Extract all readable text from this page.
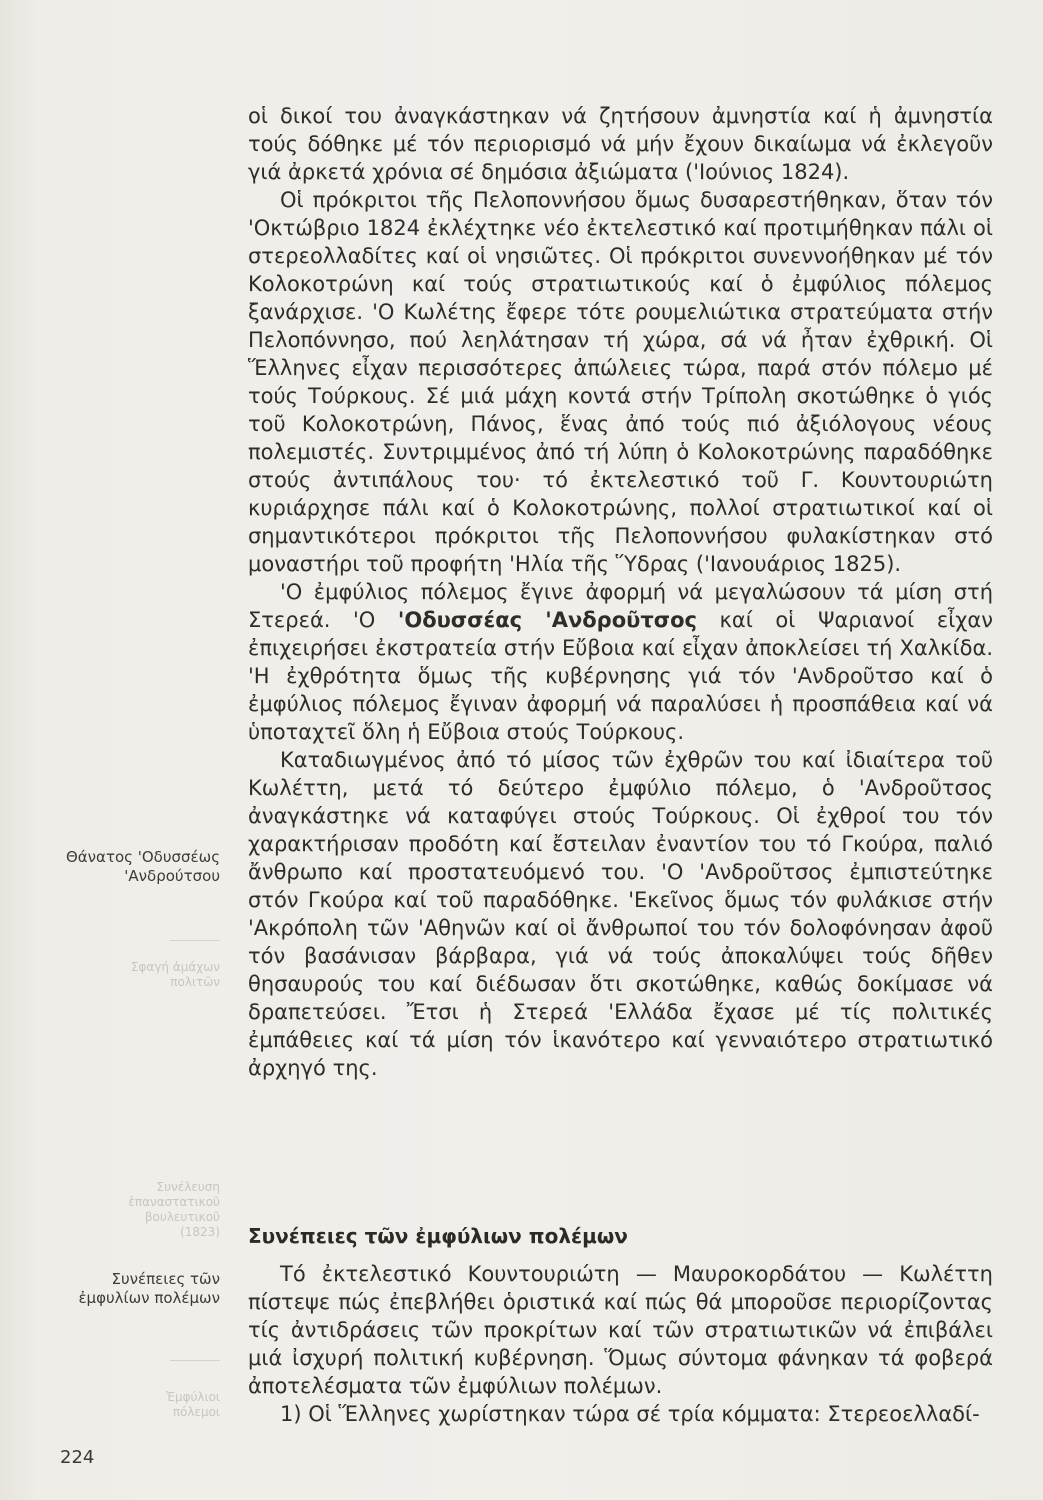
Σφαγή ἀμάχων πολιτῶν
Συνέλευση ἐπαναστατικοῦ βουλευτικοῦ (1823)
Ἐμφύλιοι πόλεμοι
Θάνατος 'Οδυσσέως 'Ανδρούτσου
Συνέπειες τῶν ἐμφυλίων πολέμων

οἱ δικοί του ἀναγκάστηκαν νά ζητήσουν ἀμνηστία καί ἡ ἀμνηστία τούς δόθηκε μέ τόν περιορισμό νά μήν ἔχουν δικαίωμα νά ἐκλεγοῦν γιά ἀρκετά χρόνια σέ δημόσια ἀξιώματα ('Ιούνιος 1824).

Οἱ πρόκριτοι τῆς Πελοποννήσου ὅμως δυσαρεστήθηκαν, ὅταν τόν 'Οκτώβριο 1824 ἐκλέχτηκε νέο ἐκτελεστικό καί προτιμήθηκαν πάλι οἱ στερεολλαδίτες καί οἱ νησιῶτες. Οἱ πρόκριτοι συνεννοήθηκαν μέ τόν Κολοκοτρώνη καί τούς στρατιωτικούς καί ὁ ἐμφύλιος πόλεμος ξανάρχισε. 'Ο Κωλέτης ἔφερε τότε ρουμελιώτικα στρατεύματα στήν Πελοπόννησο, πού λεηλάτησαν τή χώρα, σά νά ἦταν ἐχθρική. Οἱ Ἕλληνες εἶχαν περισσότερες ἀπώλειες τώρα, παρά στόν πόλεμο μέ τούς Τούρκους. Σέ μιά μάχη κοντά στήν Τρίπολη σκοτώθηκε ὁ γιός τοῦ Κολοκοτρώνη, Πάνος, ἕνας ἀπό τούς πιό ἀξιόλογους νέους πολεμιστές. Συντριμμένος ἀπό τή λύπη ὁ Κολοκοτρώνης παραδόθηκε στούς ἀντιπάλους του· τό ἐκτελεστικό τοῦ Γ. Κουντουριώτη κυριάρχησε πάλι καί ὁ Κολοκοτρώνης, πολλοί στρατιωτικοί καί οἱ σημαντικότεροι πρόκριτοι τῆς Πελοποννήσου φυλακίστηκαν στό μοναστήρι τοῦ προφήτη 'Ηλία τῆς Ὕδρας ('Ιανουάριος 1825).

'Ο ἐμφύλιος πόλεμος ἔγινε ἀφορμή νά μεγαλώσουν τά μίση στή Στερεά. 'Ο 'Οδυσσέας 'Ανδροῦτσος καί οἱ Ψαριανοί εἶχαν ἐπιχειρήσει ἐκστρατεία στήν Εὔβοια καί εἶχαν ἀποκλείσει τή Χαλκίδα. 'Η ἐχθρότητα ὅμως τῆς κυβέρνησης γιά τόν 'Ανδροῦτσο καί ὁ ἐμφύλιος πόλεμος ἔγιναν ἀφορμή νά παραλύσει ἡ προσπάθεια καί νά ὑποταχτεῖ ὅλη ἡ Εὔβοια στούς Τούρκους.

Καταδιωγμένος ἀπό τό μίσος τῶν ἐχθρῶν του καί ἰδιαίτερα τοῦ Κωλέττη, μετά τό δεύτερο ἐμφύλιο πόλεμο, ὁ 'Ανδροῦτσος ἀναγκάστηκε νά καταφύγει στούς Τούρκους. Οἱ ἐχθροί του τόν χαρακτήρισαν προδότη καί ἔστειλαν ἐναντίον του τό Γκούρα, παλιό ἄνθρωπο καί προστατευόμενό του. 'Ο 'Ανδροῦτσος ἐμπιστεύτηκε στόν Γκούρα καί τοῦ παραδόθηκε. 'Εκεῖνος ὅμως τόν φυλάκισε στήν 'Ακρόπολη τῶν 'Αθηνῶν καί οἱ ἄνθρωποί του τόν δολοφόνησαν ἀφοῦ τόν βασάνισαν βάρβαρα, γιά νά τούς ἀποκαλύψει τούς δῆθεν θησαυρούς του καί διέδωσαν ὅτι σκοτώθηκε, καθώς δοκίμασε νά δραπετεύσει. Ἔτσι ἡ Στερεά 'Ελλάδα ἔχασε μέ τίς πολιτικές ἐμπάθειες καί τά μίση τόν ἱκανότερο καί γενναιότερο στρατιωτικό ἀρχηγό της.

Συνέπειες τῶν ἐμφύλιων πολέμων

Τό ἐκτελεστικό Κουντουριώτη — Μαυροκορδάτου — Κωλέττη πίστεψε πώς ἐπεβλήθει ὁριστικά καί πώς θά μποροῦσε περιορίζοντας τίς ἀντιδράσεις τῶν προκρίτων καί τῶν στρατιωτικῶν νά ἐπιβάλει μιά ἰσχυρή πολιτική κυβέρνηση. Ὅμως σύντομα φάνηκαν τά φοβερά ἀποτελέσματα τῶν ἐμφύλιων πολέμων.

1) Οἱ Ἕλληνες χωρίστηκαν τώρα σέ τρία κόμματα: Στερεοελλαδί-

224
